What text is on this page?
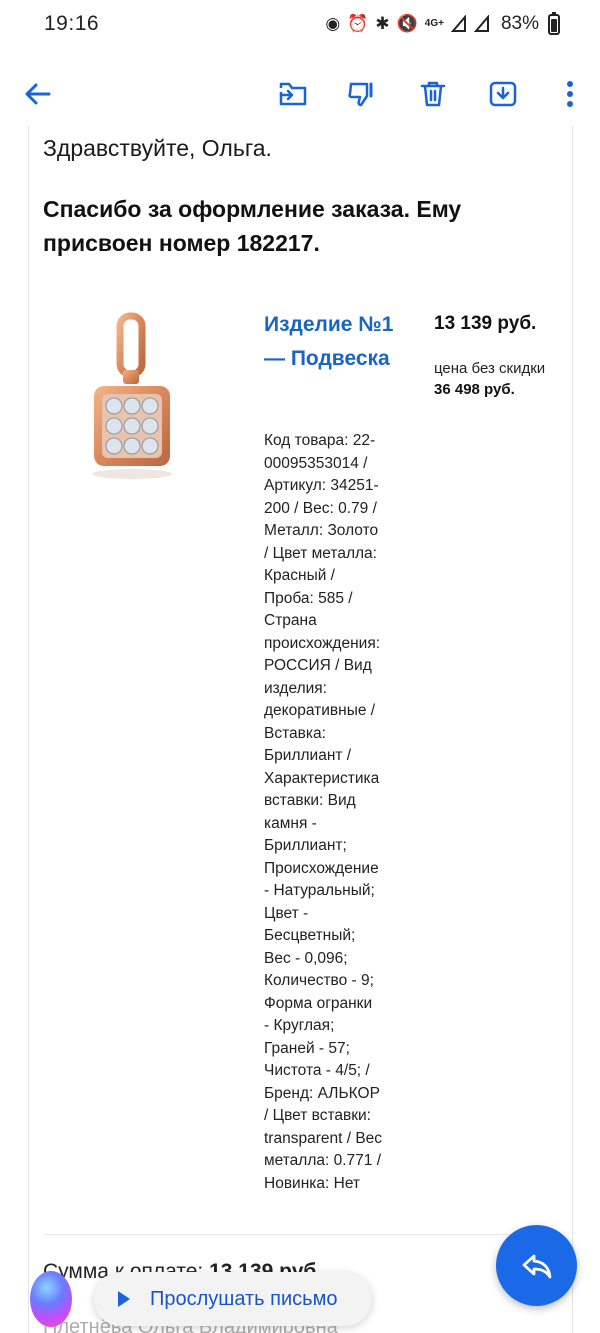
19:16	◉ ⏰ ✱ 🔇 4G+	83%
Здравствуйте, Ольга.
Спасибо за оформление заказа. Ему присвоен номер 182217.
Изделие №1 — Подвеска
13 139 руб.
цена без скидки
36 498 руб.
Код товара: 22-
00095353014 /
Артикул: 34251-
200 / Вес: 0.79 /
Металл: Золото
/ Цвет металла:
Красный /
Проба: 585 /
Страна
происхождения:
РОССИЯ / Вид
изделия:
декоративные /
Вставка:
Бриллиант /
Характеристика
вставки: Вид
камня -
Бриллиант;
Происхождение
- Натуральный;
Цвет -
Бесцветный;
Вес - 0,096;
Количество - 9;
Форма огранки
- Круглая;
Граней - 57;
Чистота - 4/5; /
Бренд: АЛЬКОР
/ Цвет вставки:
transparent / Вес
металла: 0.771 /
Новинка: Нет
Сумма
Плетнёва
Прослушать письмо
